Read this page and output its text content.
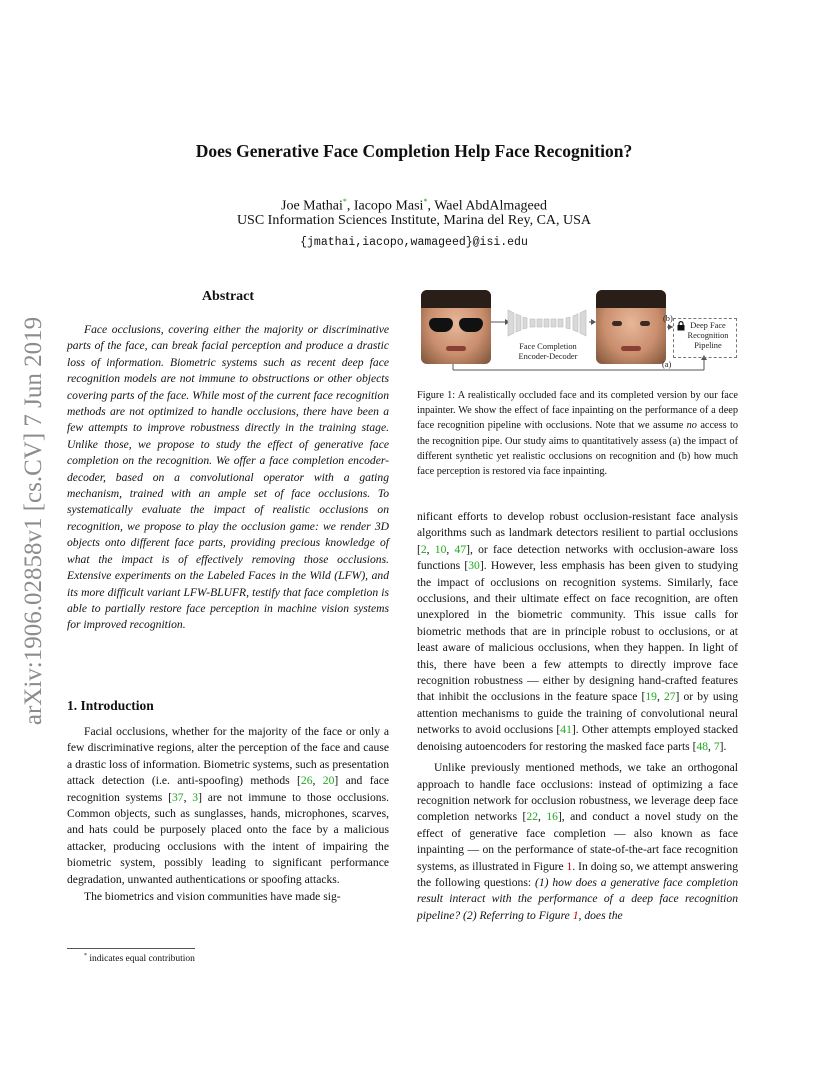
arXiv:1906.02858v1 [cs.CV] 7 Jun 2019
Does Generative Face Completion Help Face Recognition?
Joe Mathai*, Iacopo Masi*, Wael AbdAlmageed
USC Information Sciences Institute, Marina del Rey, CA, USA
{jmathai,iacopo,wamageed}@isi.edu
Abstract

Face occlusions, covering either the majority or discriminative parts of the face, can break facial perception and produce a drastic loss of information. Biometric systems such as recent deep face recognition models are not immune to obstructions or other objects covering parts of the face. While most of the current face recognition methods are not optimized to handle occlusions, there have been a few attempts to improve robustness directly in the training stage. Unlike those, we propose to study the effect of generative face completion on the recognition. We offer a face completion encoder-decoder, based on a convolutional operator with a gating mechanism, trained with an ample set of face occlusions. To systematically evaluate the impact of realistic occlusions on recognition, we propose to play the occlusion game: we render 3D objects onto different face parts, providing precious knowledge of what the impact is of effectively removing those occlusions. Extensive experiments on the Labeled Faces in the Wild (LFW), and its more difficult variant LFW-BLUFR, testify that face completion is able to partially restore face perception in machine vision systems for improved recognition.

1. Introduction

Facial occlusions, whether for the majority of the face or only a few discriminative regions, alter the perception of the face and cause a drastic loss of information. Biometric systems, such as presentation attack detection (i.e. anti-spoofing) methods [26, 20] and face recognition systems [37, 3] are not immune to those occlusions. Common objects, such as sunglasses, hands, microphones, scarves, and hats could be purposely placed onto the face by a malicious attacker, producing occlusions with the intent of impairing the biometric system, possibly leading to significant performance degradation, unwanted authentications or spoofing attacks.

The biometrics and vision communities have made sig-

* indicates equal contribution
Face Completion Encoder-Decoder
(b)
(a)
Deep Face Recognition Pipeline
Figure 1: A realistically occluded face and its completed version by our face inpainter. We show the effect of face inpainting on the performance of a deep face recognition pipeline with occlusions. Note that we assume no access to the recognition pipe. Our study aims to quantitatively assess (a) the impact of different synthetic yet realistic occlusions on recognition and (b) how much face perception is restored via face inpainting.

nificant efforts to develop robust occlusion-resistant face analysis algorithms such as landmark detectors resilient to partial occlusions [2, 10, 47], or face detection networks with occlusion-aware loss functions [30]. However, less emphasis has been given to studying the impact of occlusions on recognition systems. Similarly, face occlusions, and their ultimate effect on face recognition, are often unexplored in the biometric community. This issue calls for biometric methods that are in principle robust to occlusions, or at least aware of malicious occlusions, when they happen. In light of this, there have been a few attempts to directly improve face recognition robustness — either by designing hand-crafted features that inhibit the occlusions in the feature space [19, 27] or by using attention mechanisms to guide the training of convolutional neural networks to avoid occlusions [41]. Other attempts employed stacked denoising autoencoders for restoring the masked face parts [48, 7].

Unlike previously mentioned methods, we take an orthogonal approach to handle face occlusions: instead of optimizing a face recognition network for occlusion robustness, we leverage deep face completion networks [22, 16], and conduct a novel study on the effect of generative face completion — also known as face inpainting — on the performance of state-of-the-art face recognition systems, as illustrated in Figure 1. In doing so, we attempt answering the following questions: (1) how does a generative face completion result interact with the performance of a deep face recognition pipeline? (2) Referring to Figure 1, does the
